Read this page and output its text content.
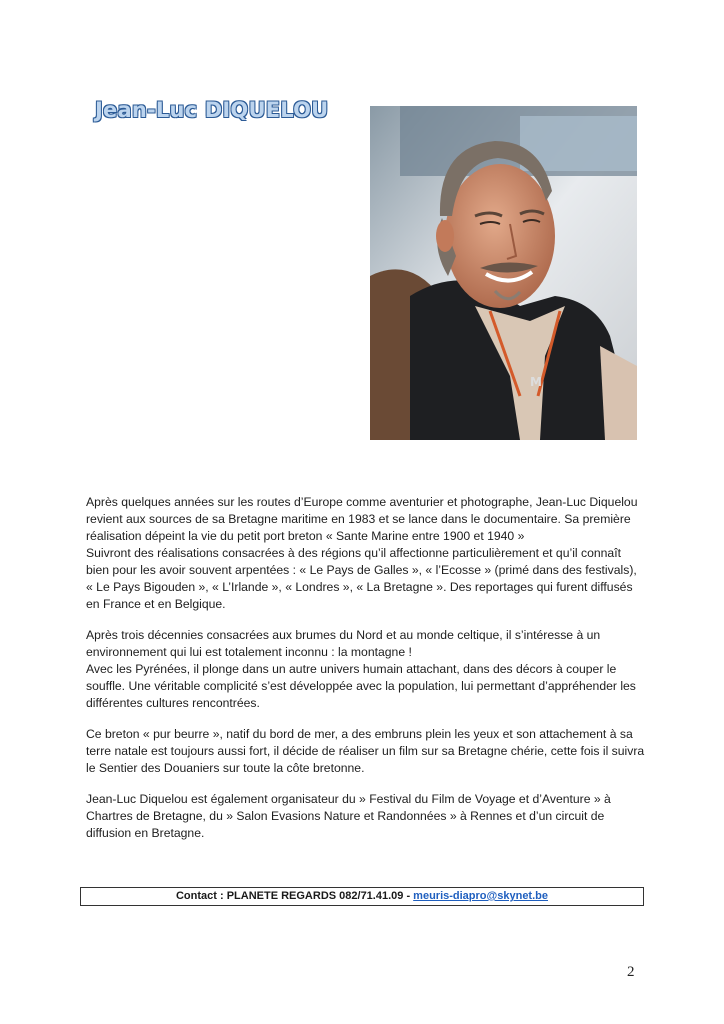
Jean-Luc DIQUELOU
M

Après quelques années sur les routes d’Europe comme aventurier et photographe, Jean-Luc Diquelou revient aux sources de sa Bretagne maritime en 1983 et se lance dans le documentaire. Sa première réalisation dépeint la vie du petit port breton « Sante Marine entre 1900 et 1940 »
Suivront des réalisations consacrées à des régions qu’il affectionne particulièrement et qu’il connaît bien pour les avoir souvent arpentées : « Le Pays de Galles », « l’Ecosse » (primé dans des festivals), « Le Pays Bigouden », « L’Irlande », « Londres », « La Bretagne ». Des reportages qui furent diffusés en France et en Belgique.

Après trois décennies consacrées aux brumes du Nord et au monde celtique, il s’intéresse à un environnement qui lui est totalement inconnu : la montagne !
Avec les Pyrénées, il plonge dans un autre univers humain attachant, dans des décors à couper le souffle. Une véritable complicité s’est développée avec la population, lui permettant d’appréhender les différentes cultures rencontrées.

Ce breton « pur beurre », natif du bord de mer, a des embruns plein les yeux et son attachement à sa terre natale est toujours aussi fort, il décide de réaliser un film sur sa Bretagne chérie, cette fois il suivra le Sentier des Douaniers sur toute la côte bretonne.

Jean-Luc Diquelou est également organisateur du » Festival du Film de Voyage et d’Aventure » à Chartres de Bretagne, du » Salon Evasions Nature et Randonnées » à Rennes et d’un circuit de diffusion en Bretagne.

Contact : PLANETE REGARDS 082/71.41.09 - meuris-diapro@skynet.be
2
